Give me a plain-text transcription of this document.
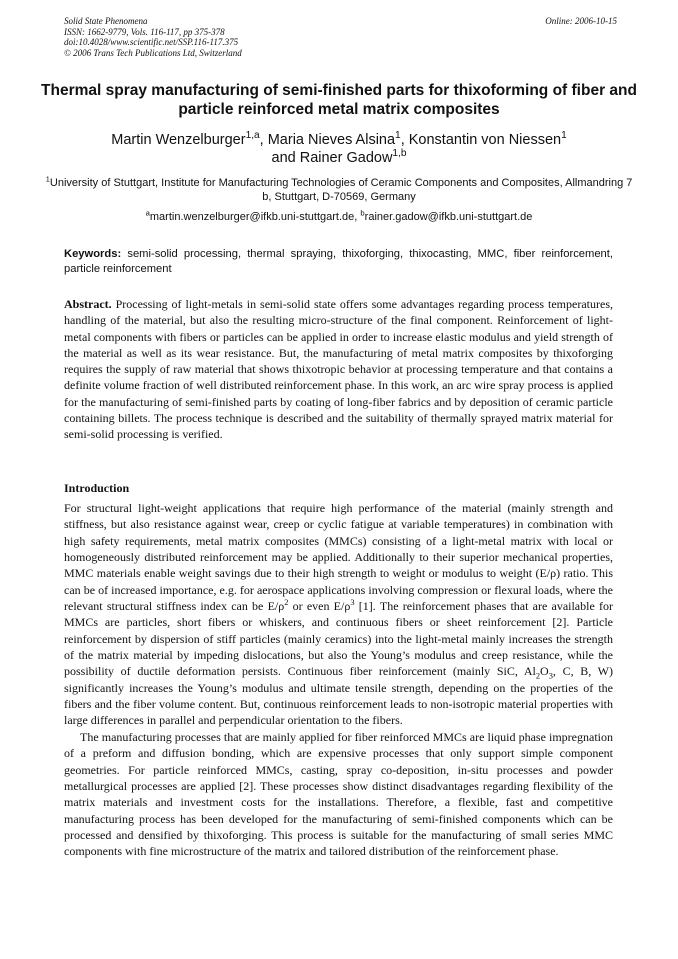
Solid State Phenomena
ISSN: 1662-9779, Vols. 116-117, pp 375-378
doi:10.4028/www.scientific.net/SSP.116-117.375
© 2006 Trans Tech Publications Ltd, Switzerland
Online: 2006-10-15
Thermal spray manufacturing of semi-finished parts for thixoforming of fiber and particle reinforced metal matrix composites
Martin Wenzelburger$^{1,a}$, Maria Nieves Alsina$^1$, Konstantin von Niessen$^1$
and Rainer Gadow$^{1,b}$
$^1$University of Stuttgart, Institute for Manufacturing Technologies of Ceramic Components and Composites, Allmandring 7 b, Stuttgart, D-70569, Germany
$^a$martin.wenzelburger@ifkb.uni-stuttgart.de, $^b$rainer.gadow@ifkb.uni-stuttgart.de
Keywords: semi-solid processing, thermal spraying, thixoforging, thixocasting, MMC, fiber reinforcement, particle reinforcement
Abstract. Processing of light-metals in semi-solid state offers some advantages regarding process temperatures, handling of the material, but also the resulting micro-structure of the final component. Reinforcement of light-metal components with fibers or particles can be applied in order to increase elastic modulus and yield strength of the material as well as its wear resistance. But, the manufacturing of metal matrix composites by thixoforging requires the supply of raw material that shows thixotropic behavior at processing temperature and that contains a definite volume fraction of well distributed reinforcement phase. In this work, an arc wire spray process is applied for the manufacturing of semi-finished parts by coating of long-fiber fabrics and by deposition of ceramic particle containing billets. The process technique is described and the suitability of thermally sprayed matrix material for semi-solid processing is verified.
Introduction

For structural light-weight applications that require high performance of the material (mainly strength and stiffness, but also resistance against wear, creep or cyclic fatigue at variable temperatures) in combination with high safety requirements, metal matrix composites (MMCs) consisting of a light-metal matrix with local or homogeneously distributed reinforcement may be applied. Additionally to their superior mechanical properties, MMC materials enable weight savings due to their high strength to weight or modulus to weight (E/ρ) ratio. This can be of increased importance, e.g. for aerospace applications involving compression or flexural loads, where the relevant structural stiffness index can be $E/\rho^2$ or even $E/\rho^3$ [1]. The reinforcement phases that are available for MMCs are particles, short fibers or whiskers, and continuous fibers or sheet reinforcement [2]. Particle reinforcement by dispersion of stiff particles (mainly ceramics) into the light-metal mainly increases the strength of the matrix material by impeding dislocations, but also the Young’s modulus and creep resistance, while the possibility of ductile deformation persists. Continuous fiber reinforcement (mainly SiC, $Al_2O_3$, C, B, W) significantly increases the Young’s modulus and ultimate tensile strength, depending on the properties of the fibers and the fiber volume content. But, continuous reinforcement leads to non-isotropic material properties with large differences in parallel and perpendicular orientation to the fibers.

The manufacturing processes that are mainly applied for fiber reinforced MMCs are liquid phase impregnation of a preform and diffusion bonding, which are expensive processes that only support simple component geometries. For particle reinforced MMCs, casting, spray co-deposition, in-situ processes and powder metallurgical processes are applied [2]. These processes show distinct disadvantages regarding flexibility of the matrix materials and investment costs for the installations. Therefore, a flexible, fast and competitive manufacturing process has been developed for the manufacturing of semi-finished components which can be processed and densified by thixoforging. This process is suitable for the manufacturing of small series MMC components with fine microstructure of the matrix and tailored distribution of the reinforcement phase.
